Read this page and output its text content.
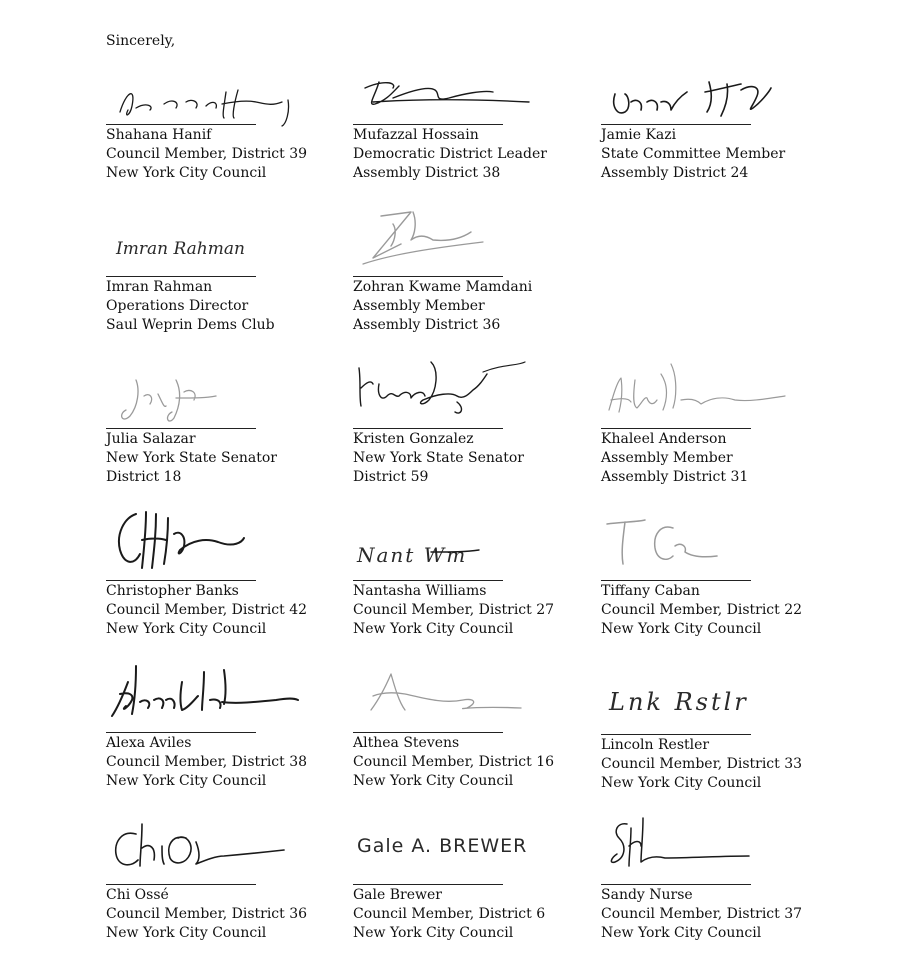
Sincerely,
Shahana Hanif
Council Member, District 39
New York City Council
Mufazzal Hossain
Democratic District Leader
Assembly District 38
Jamie Kazi
State Committee Member
Assembly District 24
Imran Rahman
Imran Rahman
Operations Director
Saul Weprin Dems Club
Zohran Kwame Mamdani
Assembly Member
Assembly District 36
Julia Salazar
New York State Senator
District 18
Kristen Gonzalez
New York State Senator
District 59
Khaleel Anderson
Assembly Member
Assembly District 31
Christopher Banks
Council Member, District 42
New York City Council
Nant Wm
Nantasha Williams
Council Member, District 27
New York City Council
Tiffany Caban
Council Member, District 22
New York City Council
Alexa Aviles
Council Member, District 38
New York City Council
Althea Stevens
Council Member, District 16
New York City Council
Lnk Rstlr
Lincoln Restler
Council Member, District 33
New York City Council
Chi Ossé
Council Member, District 36
New York City Council
Gale A. BREWER
Gale Brewer
Council Member, District 6
New York City Council
Sandy Nurse
Council Member, District 37
New York City Council
